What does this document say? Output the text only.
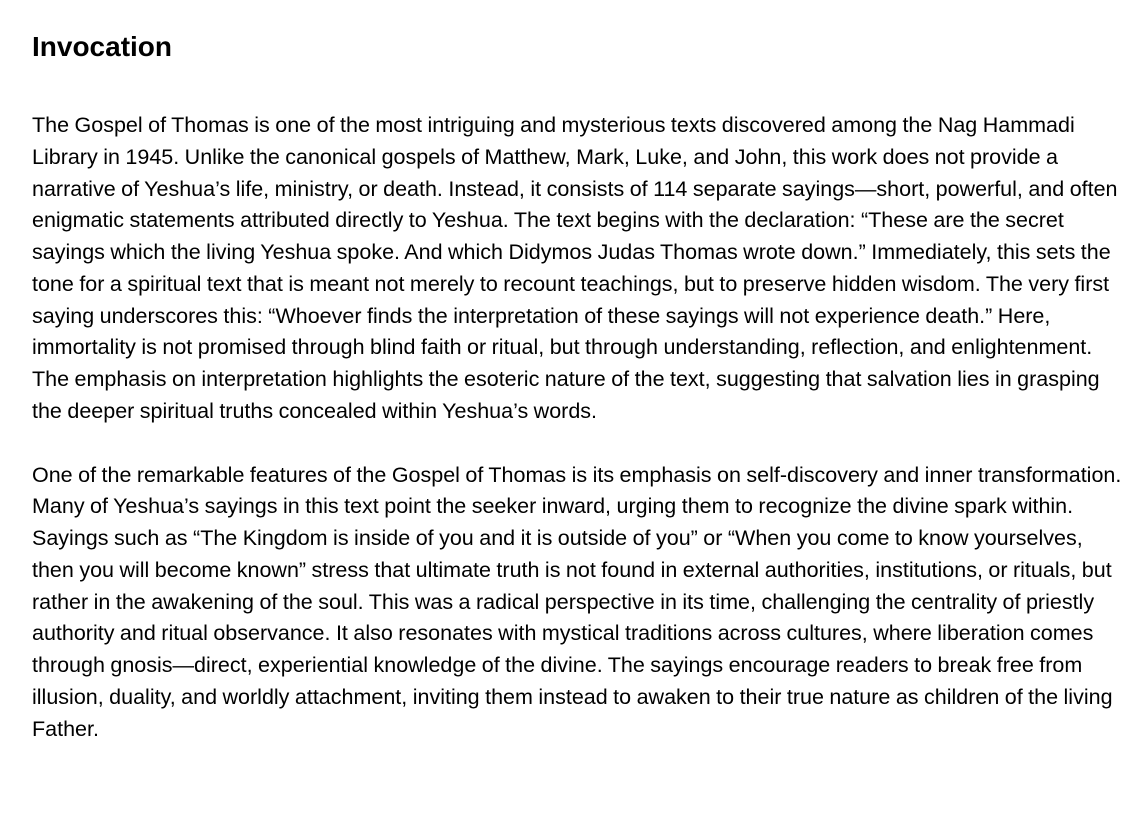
Invocation

The Gospel of Thomas is one of the most intriguing and mysterious texts discovered among the Nag Hammadi Library in 1945. Unlike the canonical gospels of Matthew, Mark, Luke, and John, this work does not provide a narrative of Yeshua’s life, ministry, or death. Instead, it consists of 114 separate sayings—short, powerful, and often enigmatic statements attributed directly to Yeshua. The text begins with the declaration: “These are the secret sayings which the living Yeshua spoke. And which Didymos Judas Thomas wrote down.” Immediately, this sets the tone for a spiritual text that is meant not merely to recount teachings, but to preserve hidden wisdom. The very first saying underscores this: “Whoever finds the interpretation of these sayings will not experience death.” Here, immortality is not promised through blind faith or ritual, but through understanding, reflection, and enlightenment. The emphasis on interpretation highlights the esoteric nature of the text, suggesting that salvation lies in grasping the deeper spiritual truths concealed within Yeshua’s words.

One of the remarkable features of the Gospel of Thomas is its emphasis on self-discovery and inner transformation. Many of Yeshua’s sayings in this text point the seeker inward, urging them to recognize the divine spark within. Sayings such as “The Kingdom is inside of you and it is outside of you” or “When you come to know yourselves, then you will become known” stress that ultimate truth is not found in external authorities, institutions, or rituals, but rather in the awakening of the soul. This was a radical perspective in its time, challenging the centrality of priestly authority and ritual observance. It also resonates with mystical traditions across cultures, where liberation comes through gnosis—direct, experiential knowledge of the divine. The sayings encourage readers to break free from illusion, duality, and worldly attachment, inviting them instead to awaken to their true nature as children of the living Father.
